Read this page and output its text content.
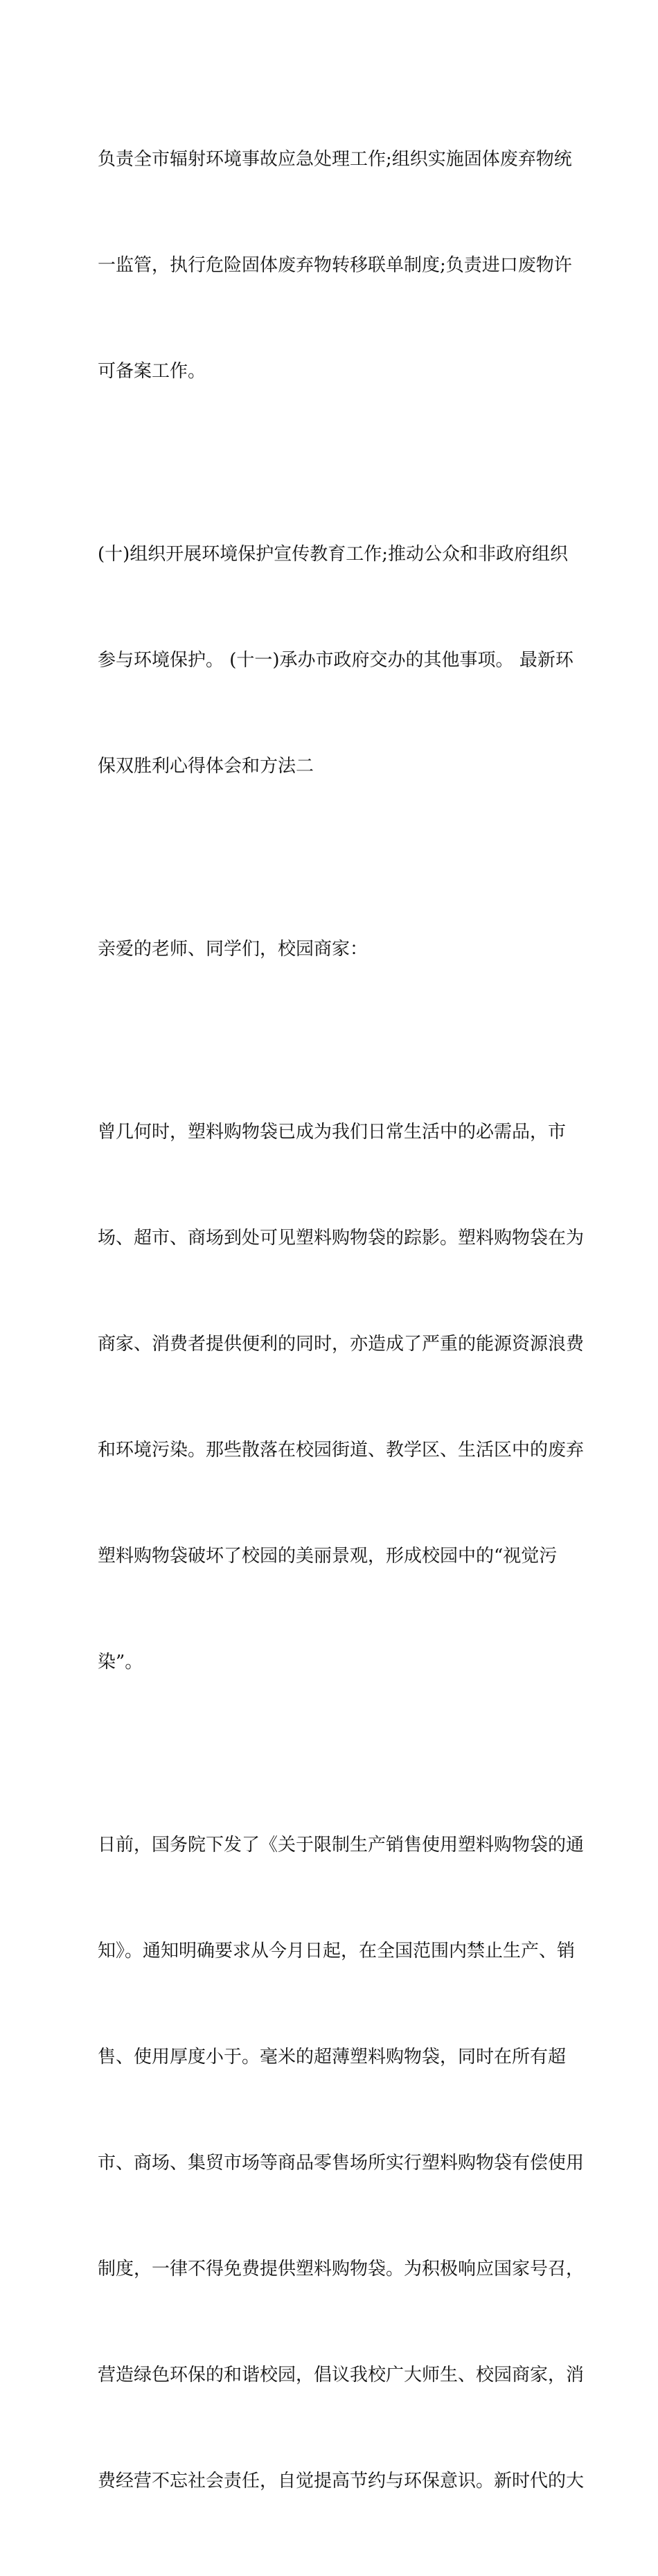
负责全市辐射环境事故应急处理工作;组织实施固体废弃物统

一监管，执行危险固体废弃物转移联单制度;负责进口废物许

可备案工作。

(十)组织开展环境保护宣传教育工作;推动公众和非政府组织

参与环境保护。 (十一)承办市政府交办的其他事项。 最新环

保双胜利心得体会和方法二

亲爱的老师、同学们，校园商家：

曾几何时，塑料购物袋已成为我们日常生活中的必需品，市

场、超市、商场到处可见塑料购物袋的踪影。塑料购物袋在为

商家、消费者提供便利的同时，亦造成了严重的能源资源浪费

和环境污染。那些散落在校园街道、教学区、生活区中的废弃

塑料购物袋破坏了校园的美丽景观，形成校园中的“视觉污

染”。

日前，国务院下发了《关于限制生产销售使用塑料购物袋的通

知》。通知明确要求从今月日起，在全国范围内禁止生产、销

售、使用厚度小于。毫米的超薄塑料购物袋，同时在所有超

市、商场、集贸市场等商品零售场所实行塑料购物袋有偿使用

制度，一律不得免费提供塑料购物袋。为积极响应国家号召，

营造绿色环保的和谐校园，倡议我校广大师生、校园商家，消

费经营不忘社会责任，自觉提高节约与环保意识。新时代的大
